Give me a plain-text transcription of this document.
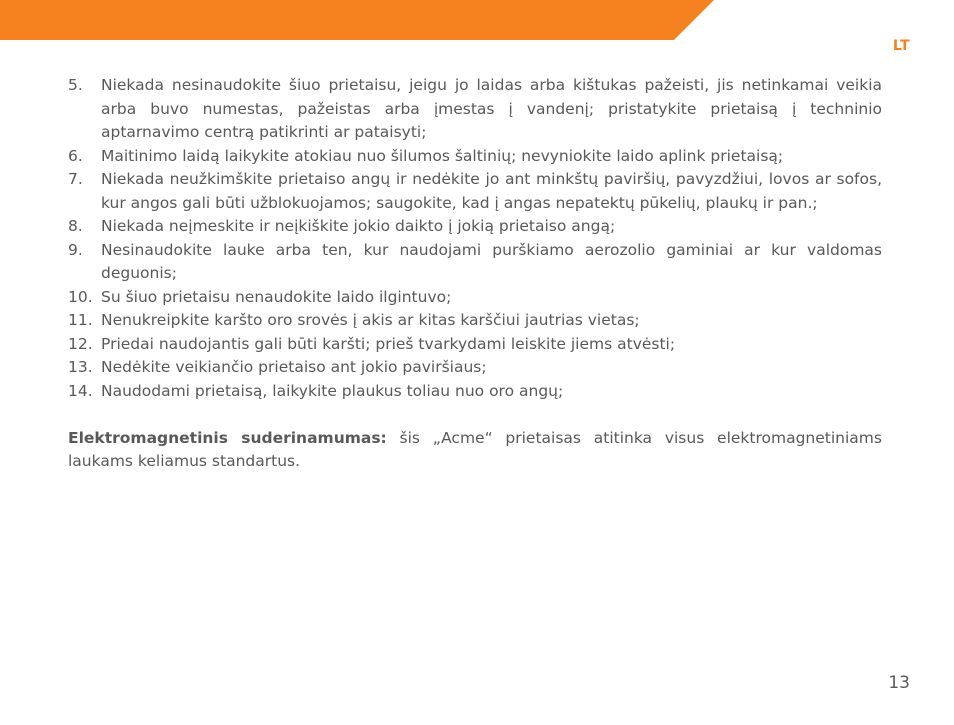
LT
5. Niekada nesinaudokite šiuo prietaisu, jeigu jo laidas arba kištukas pažeisti, jis netinkamai veikia arba buvo numestas, pažeistas arba įmestas į vandenį; pristatykite prietaisą į techninio aptarnavimo centrą patikrinti ar pataisyti;
6. Maitinimo laidą laikykite atokiau nuo šilumos šaltinių; nevyniokite laido aplink prietaisą;
7. Niekada neužkimškite prietaiso angų ir nedėkite jo ant minkštų paviršių, pavyzdžiui, lovos ar sofos, kur angos gali būti užblokuojamos; saugokite, kad į angas nepatektų pūkelių, plaukų ir pan.;
8. Niekada neįmeskite ir neįkiškite jokio daikto į jokią prietaiso angą;
9. Nesinaudokite lauke arba ten, kur naudojami purškiamo aerozolio gaminiai ar kur valdomas deguonis;
10. Su šiuo prietaisu nenaudokite laido ilgintuvo;
11. Nenukreipkite karšto oro srovės į akis ar kitas karščiui jautrias vietas;
12. Priedai naudojantis gali būti karšti; prieš tvarkydami leiskite jiems atvėsti;
13. Nedėkite veikiančio prietaiso ant jokio paviršiaus;
14. Naudodami prietaisą, laikykite plaukus toliau nuo oro angų;

Elektromagnetinis suderinamumas: šis „Acme“ prietaisas atitinka visus elektromagnetiniams laukams keliamus standartus.

13
